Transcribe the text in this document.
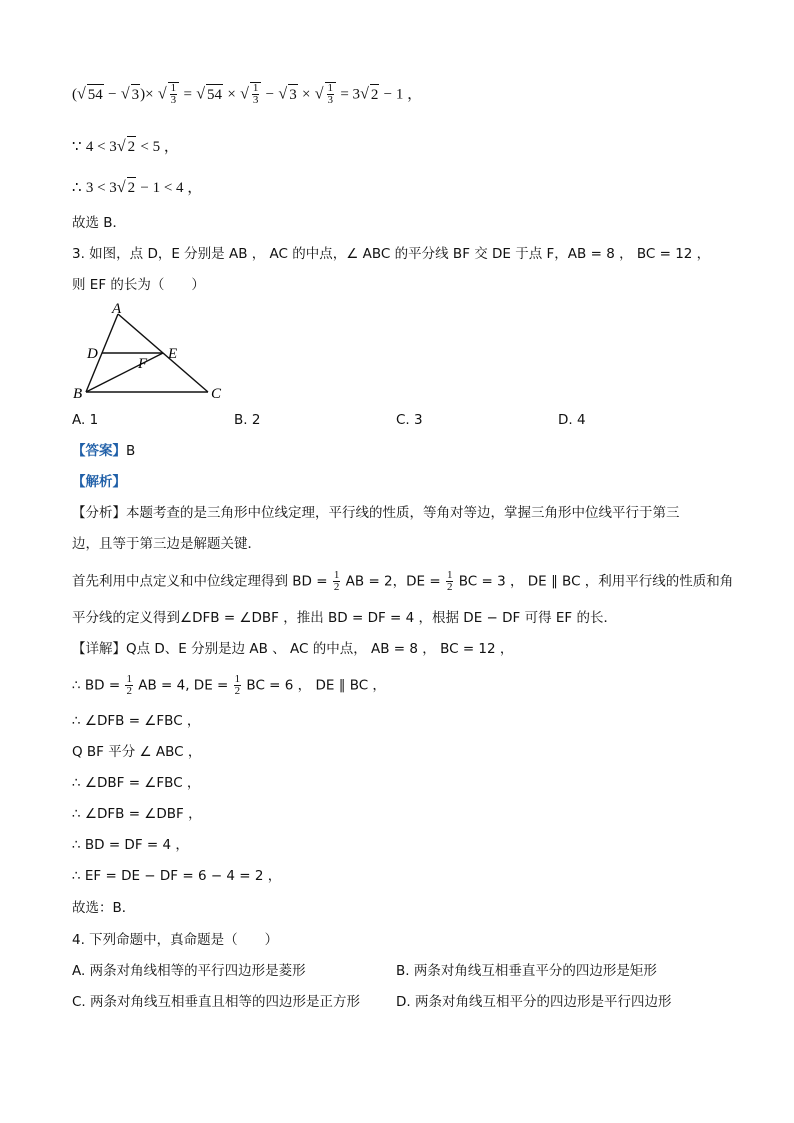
(√ 54 − √ 3)× √ $\frac{1}{3}$ = √ 54 × √ $\frac{1}{3}$ − √ 3 × √ $\frac{1}{3} = 3√$ 2 − 1 ，
∵ 4 < 3√ 2 < 5 ，
∴ 3 < 3√ 2 − 1 < 4 ，
故选 B．
3. 如图，点 D，E 分别是 AB ， AC 的中点，∠ ABC 的平分线 BF 交 DE 于点 F，AB = 8 ， BC = 12 ，
则 EF 的长为（　　）
A
D	E
F
B	C
A. 1	B. 2	C. 3	D. 4
【答案】B
【解析】
【分析】本题考查的是三角形中位线定理，平行线的性质，等角对等边，掌握三角形中位线平行于第三
边，且等于第三边是解题关键．
首先利用中点定义和中位线定理得到 BD = $\frac{1}{2}$ AB = 2，DE = $\frac{1}{2}$ BC = 3 ， DE ∥ BC ，利用平行线的性质和角
平分线的定义得到∠DFB = ∠DBF ，推出 BD = DF = 4 ，根据 DE − DF 可得 EF 的长．
【详解】Q点 D、E 分别是边 AB 、 AC 的中点， AB = 8 ， BC = 12 ，
∴ BD = $\frac{1}{2}$ AB = 4, DE = $\frac{1}{2}$ BC = 6 ， DE ∥ BC ，
∴ ∠DFB = ∠FBC ，
Q BF 平分 ∠ ABC ，
∴ ∠DBF = ∠FBC ，
∴ ∠DFB = ∠DBF ，
∴ BD = DF = 4 ，
∴ EF = DE − DF = 6 − 4 = 2 ，
故选：B．
4. 下列命题中，真命题是（　　）
A. 两条对角线相等的平行四边形是菱形	B. 两条对角线互相垂直平分的四边形是矩形
C. 两条对角线互相垂直且相等的四边形是正方形	D. 两条对角线互相平分的四边形是平行四边形
